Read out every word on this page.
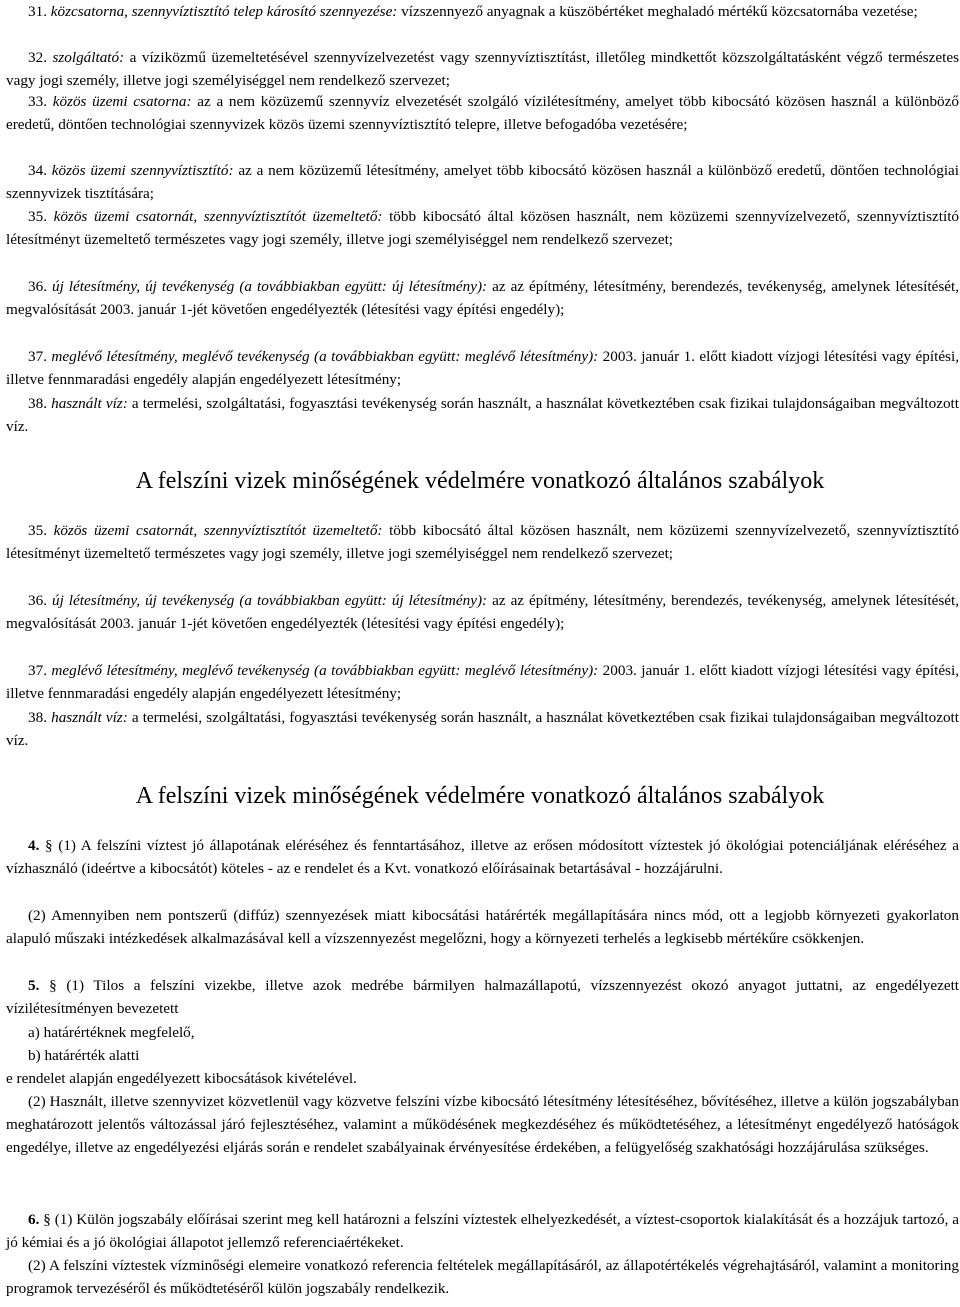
31. közcsatorna, szennyvíztisztító telep károsító szennyezése: vízszennyező anyagnak a küszöbértéket meghaladó mértékű közcsatornába vezetése;

32. szolgáltató: a víziközmű üzemeltetésével szennyvízelvezetést vagy szennyvíztisztítást, illetőleg mindkettőt közszolgáltatásként végző természetes vagy jogi személy, illetve jogi személyiséggel nem rendelkező szervezet;

33. közös üzemi csatorna: az a nem közüzemű szennyvíz elvezetését szolgáló vízilétesítmény, amelyet több kibocsátó közösen használ a különböző eredetű, döntően technológiai szennyvizek közös üzemi szennyvíztisztító telepre, illetve befogadóba vezetésére;

34. közös üzemi szennyvíztisztító: az a nem közüzemű létesítmény, amelyet több kibocsátó közösen használ a különböző eredetű, döntően technológiai szennyvizek tisztítására;

35. közös üzemi csatornát, szennyvíztisztítót üzemeltető: több kibocsátó által közösen használt, nem közüzemi szennyvízelvezető, szennyvíztisztító létesítményt üzemeltető természetes vagy jogi személy, illetve jogi személyiséggel nem rendelkező szervezet;

36. új létesítmény, új tevékenység (a továbbiakban együtt: új létesítmény): az az építmény, létesítmény, berendezés, tevékenység, amelynek létesítését, megvalósítását 2003. január 1-jét követően engedélyezték (létesítési vagy építési engedély);

37. meglévő létesítmény, meglévő tevékenység (a továbbiakban együtt: meglévő létesítmény): 2003. január 1. előtt kiadott vízjogi létesítési vagy építési, illetve fennmaradási engedély alapján engedélyezett létesítmény;

38. használt víz: a termelési, szolgáltatási, fogyasztási tevékenység során használt, a használat következtében csak fizikai tulajdonságaiban megváltozott víz.

A felszíni vizek minőségének védelmére vonatkozó általános szabályok

35. közös üzemi csatornát, szennyvíztisztítót üzemeltető: több kibocsátó által közösen használt, nem közüzemi szennyvízelvezető, szennyvíztisztító létesítményt üzemeltető természetes vagy jogi személy, illetve jogi személyiséggel nem rendelkező szervezet;

36. új létesítmény, új tevékenység (a továbbiakban együtt: új létesítmény): az az építmény, létesítmény, berendezés, tevékenység, amelynek létesítését, megvalósítását 2003. január 1-jét követően engedélyezték (létesítési vagy építési engedély);

37. meglévő létesítmény, meglévő tevékenység (a továbbiakban együtt: meglévő létesítmény): 2003. január 1. előtt kiadott vízjogi létesítési vagy építési, illetve fennmaradási engedély alapján engedélyezett létesítmény;

38. használt víz: a termelési, szolgáltatási, fogyasztási tevékenység során használt, a használat következtében csak fizikai tulajdonságaiban megváltozott víz.

A felszíni vizek minőségének védelmére vonatkozó általános szabályok

4. § (1) A felszíni víztest jó állapotának eléréséhez és fenntartásához, illetve az erősen módosított víztestek jó ökológiai potenciáljának eléréséhez a vízhasználó (ideértve a kibocsátót) köteles - az e rendelet és a Kvt. vonatkozó előírásainak betartásával - hozzájárulni.

(2) Amennyiben nem pontszerű (diffúz) szennyezések miatt kibocsátási határérték megállapítására nincs mód, ott a legjobb környezeti gyakorlaton alapuló műszaki intézkedések alkalmazásával kell a vízszennyezést megelőzni, hogy a környezeti terhelés a legkisebb mértékűre csökkenjen.

5. § (1) Tilos a felszíni vizekbe, illetve azok medrébe bármilyen halmazállapotú, vízszennyezést okozó anyagot juttatni, az engedélyezett vízilétesítményen bevezetett

a) határértéknek megfelelő,

b) határérték alatti

e rendelet alapján engedélyezett kibocsátások kivételével.

(2) Használt, illetve szennyvizet közvetlenül vagy közvetve felszíni vízbe kibocsátó létesítmény létesítéséhez, bővítéséhez, illetve a külön jogszabályban meghatározott jelentős változással járó fejlesztéséhez, valamint a működésének megkezdéséhez és működtetéséhez, a létesítményt engedélyező hatóságok engedélye, illetve az engedélyezési eljárás során e rendelet szabályainak érvényesítése érdekében, a felügyelőség szakhatósági hozzájárulása szükséges.

6. § (1) Külön jogszabály előírásai szerint meg kell határozni a felszíni víztestek elhelyezkedését, a víztest-csoportok kialakítását és a hozzájuk tartozó, a jó kémiai és a jó ökológiai állapotot jellemző referenciaértékeket.

(2) A felszíni víztestek vízminőségi elemeire vonatkozó referencia feltételek megállapításáról, az állapotértékelés végrehajtásáról, valamint a monitoring programok tervezéséről és működtetéséről külön jogszabály rendelkezik.
